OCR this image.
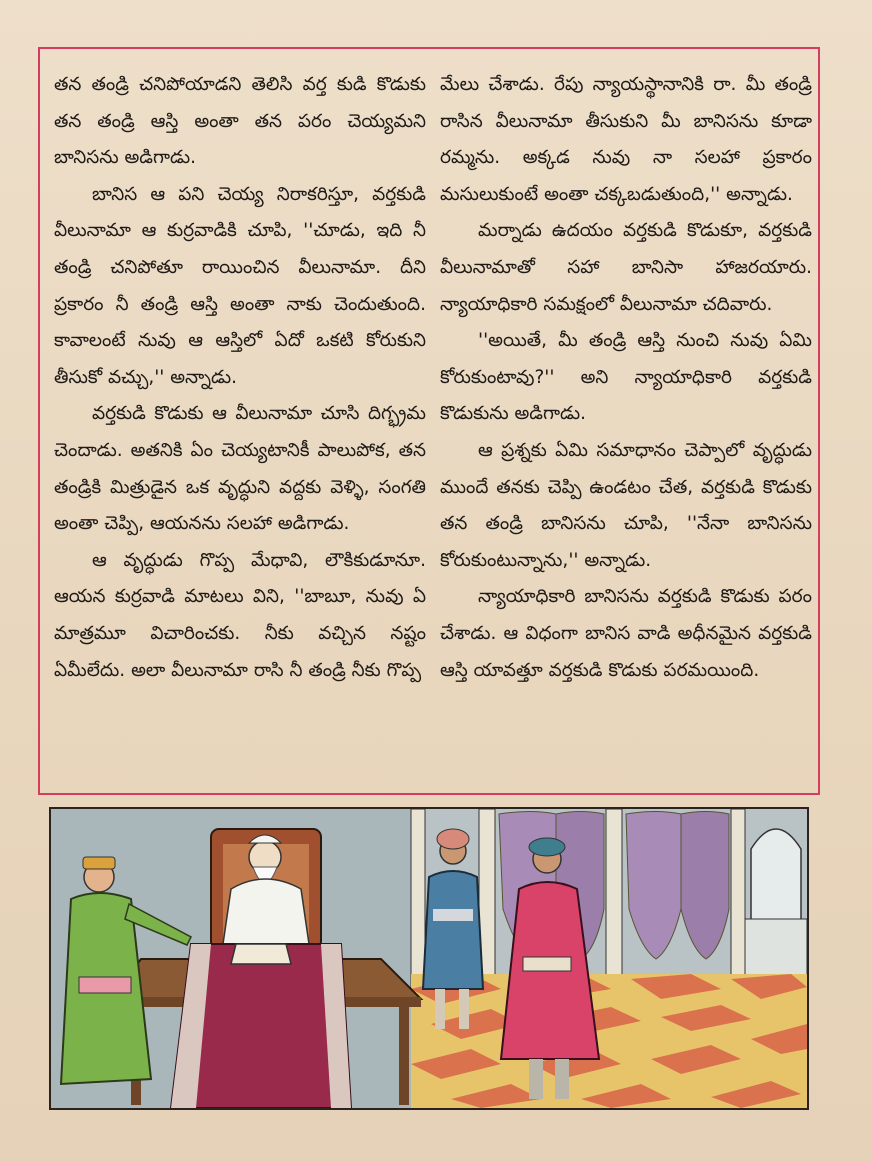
తన తండ్రి చనిపోయాడని తెలిసి వర్త కుడి కొడుకు తన తండ్రి ఆస్తి అంతా తన పరం చెయ్యమని బానిసను అడిగాడు.

బానిస ఆ పని చెయ్య నిరాకరిస్తూ, వర్తకుడి వీలునామా ఆ కుర్రవాడికి చూపి, ''చూడు, ఇది నీ తండ్రి చనిపోతూ రాయించిన వీలునామా. దీని ప్రకారం నీ తండ్రి ఆస్తి అంతా నాకు చెందుతుంది. కావాలంటే నువు ఆ ఆస్తిలో ఏదో ఒకటి కోరుకుని తీసుకో వచ్చు,'' అన్నాడు.

వర్తకుడి కొడుకు ఆ వీలునామా చూసి దిగ్భ్రమ చెందాడు. అతనికి ఏం చెయ్యటానికీ పాలుపోక, తన తండ్రికి మిత్రుడైన ఒక వృద్ధుని వద్దకు వెళ్ళి, సంగతి అంతా చెప్పి, ఆయనను సలహా అడిగాడు.

ఆ వృద్ధుడు గొప్ప మేధావి, లౌకికుడూనూ. ఆయన కుర్రవాడి మాటలు విని, ''బాబూ, నువు ఏ మాత్రమూ విచారించకు. నీకు వచ్చిన నష్టం ఏమీలేదు. అలా వీలునామా రాసి నీ తండ్రి నీకు గొప్ప

మేలు చేశాడు. రేపు న్యాయస్థానానికి రా. మీ తండ్రి రాసిన వీలునామా తీసుకుని మీ బానిసను కూడా రమ్మను. అక్కడ నువు నా సలహా ప్రకారం మసులుకుంటే అంతా చక్కబడుతుంది,'' అన్నాడు.

మర్నాడు ఉదయం వర్తకుడి కొడుకూ, వర్తకుడి వీలునామాతో సహా బానిసా హాజరయారు. న్యాయాధికారి సమక్షంలో వీలునామా చదివారు.

''అయితే, మీ తండ్రి ఆస్తి నుంచి నువు ఏమి కోరుకుంటావు?'' అని న్యాయాధికారి వర్తకుడి కొడుకును అడిగాడు.

ఆ ప్రశ్నకు ఏమి సమాధానం చెప్పాలో వృద్ధుడు ముందే తనకు చెప్పి ఉండటం చేత, వర్తకుడి కొడుకు తన తండ్రి బానిసను చూపి, ''నేనా బానిసను కోరుకుంటున్నాను,'' అన్నాడు.

న్యాయాధికారి బానిసను వర్తకుడి కొడుకు పరం చేశాడు. ఆ విధంగా బానిస వాడి అధీనమైన వర్తకుడి ఆస్తి యావత్తూ వర్తకుడి కొడుకు పరమయింది.
